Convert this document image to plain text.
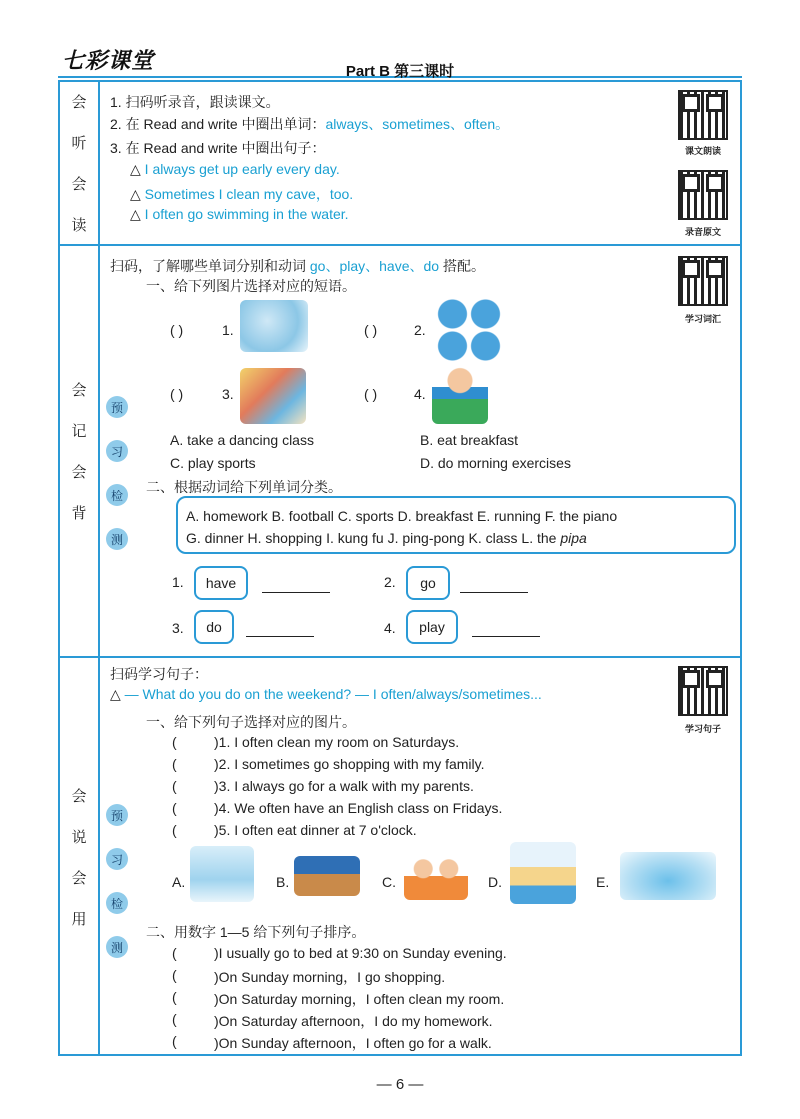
七彩课堂	Part B 第三课时
会
听
会
读
1. 扫码听录音，跟读课文。
2. 在 Read and write 中圈出单词：always、sometimes、often。
3. 在 Read and write 中圈出句子：
△ I always get up early every day.
△ Sometimes I clean my cave，too.
△ I often go swimming in the water.
课文朗读
录音原文
会
记
会
背
预
习
检
测
扫码，了解哪些单词分别和动词 go、play、have、do 搭配。
学习词汇
一、给下列图片选择对应的短语。
( )	1.	( )	2.
( )	3.	( )	4.
A. take a dancing class	B. eat breakfast
C. play sports	D. do morning exercises
二、根据动词给下列单词分类。
A. homework B. football C. sports D. breakfast E. running F. the piano
G. dinner H. shopping I. kung fu J. ping-pong K. class L. the pipa
1.	have	2.	go
3.	do	4.	play
会
说
会
用
预
习
检
测
扫码学习句子：
△ — What do you do on the weekend? — I often/always/sometimes...
学习句子
一、给下列句子选择对应的图片。
(	)1. I often clean my room on Saturdays.
(	)2. I sometimes go shopping with my family.
(	)3. I always go for a walk with my parents.
(	)4. We often have an English class on Fridays.
(	)5. I often eat dinner at 7 o'clock.
A.	B.	C.	D.	E.
二、用数字 1—5 给下列句子排序。
(	)I usually go to bed at 9:30 on Sunday evening.
(	)On Sunday morning，I go shopping.
(	)On Saturday morning，I often clean my room.
(	)On Saturday afternoon，I do my homework.
(	)On Sunday afternoon，I often go for a walk.
— 6 —
